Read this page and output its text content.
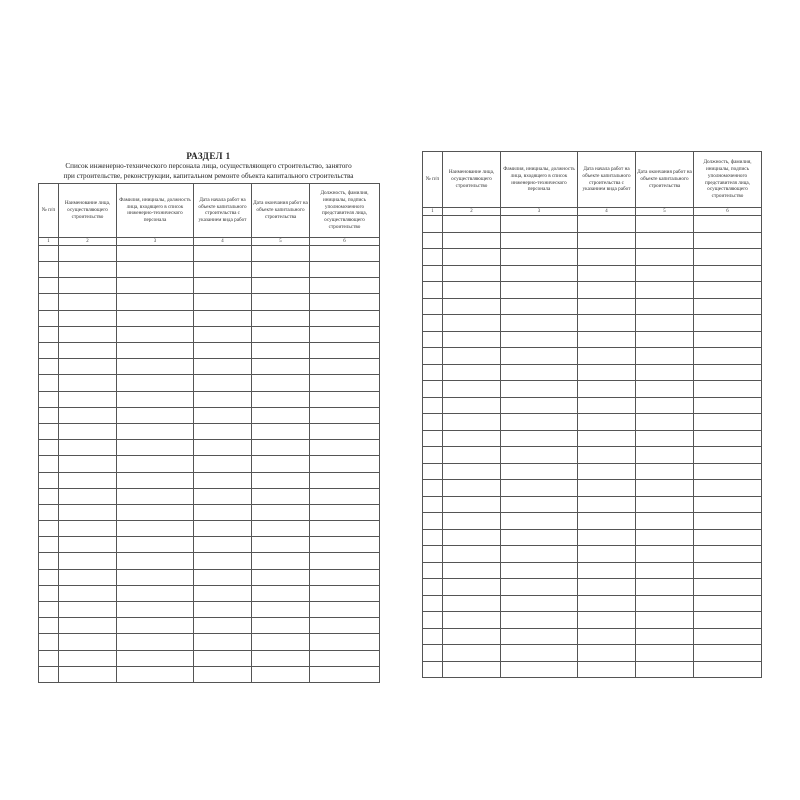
РАЗДЕЛ 1
Список инженерно-технического персонала лица, осуществляющего строительство, занятого
при строительстве, реконструкции, капитальном ремонте объекта капитального строительства
№ п/п	Наименование лица, осуществляющего строительство	Фамилия, инициалы, должность лица, входящего в список инженерно-технического персонала	Дата начала работ на объекте капитального строительства с указанием вида работ	Дата окончания работ на объекте капитального строительства	Должность, фамилия, инициалы, подпись уполномоченного представителя лица, осуществляющего строительство
1	2	3	4	5	6

№ п/п	Наименование лица, осуществляющего строительство	Фамилия, инициалы, должность лица, входящего в список инженерно-технического персонала	Дата начала работ на объекте капитального строительства с указанием вида работ	Дата окончания работ на объекте капитального строительства	Должность, фамилия, инициалы, подпись уполномоченного представителя лица, осуществляющего строительство
1	2	3	4	5	6
